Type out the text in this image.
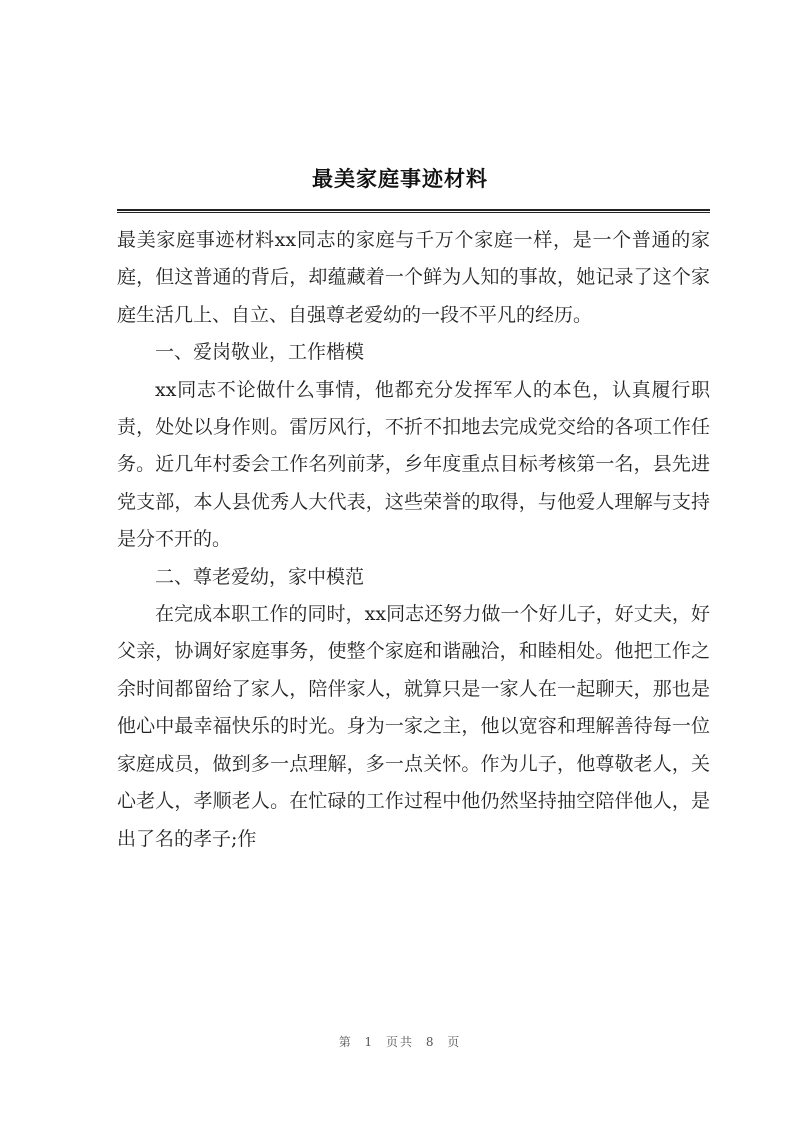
最美家庭事迹材料

最美家庭事迹材料xx同志的家庭与千万个家庭一样，是一个普通的家庭，但这普通的背后，却蕴藏着一个鲜为人知的事故，她记录了这个家庭生活几上、自立、自强尊老爱幼的一段不平凡的经历。

一、爱岗敬业，工作楷模

xx同志不论做什么事情，他都充分发挥军人的本色，认真履行职责，处处以身作则。雷厉风行，不折不扣地去完成党交给的各项工作任务。近几年村委会工作名列前茅，乡年度重点目标考核第一名，县先进党支部，本人县优秀人大代表，这些荣誉的取得，与他爱人理解与支持是分不开的。

二、尊老爱幼，家中模范

在完成本职工作的同时，xx同志还努力做一个好儿子，好丈夫，好父亲，协调好家庭事务，使整个家庭和谐融洽，和睦相处。他把工作之余时间都留给了家人，陪伴家人，就算只是一家人在一起聊天，那也是他心中最幸福快乐的时光。身为一家之主，他以宽容和理解善待每一位家庭成员，做到多一点理解，多一点关怀。作为儿子，他尊敬老人，关心老人，孝顺老人。在忙碌的工作过程中他仍然坚持抽空陪伴他人，是出了名的孝子;作

第 1 页共 8 页
